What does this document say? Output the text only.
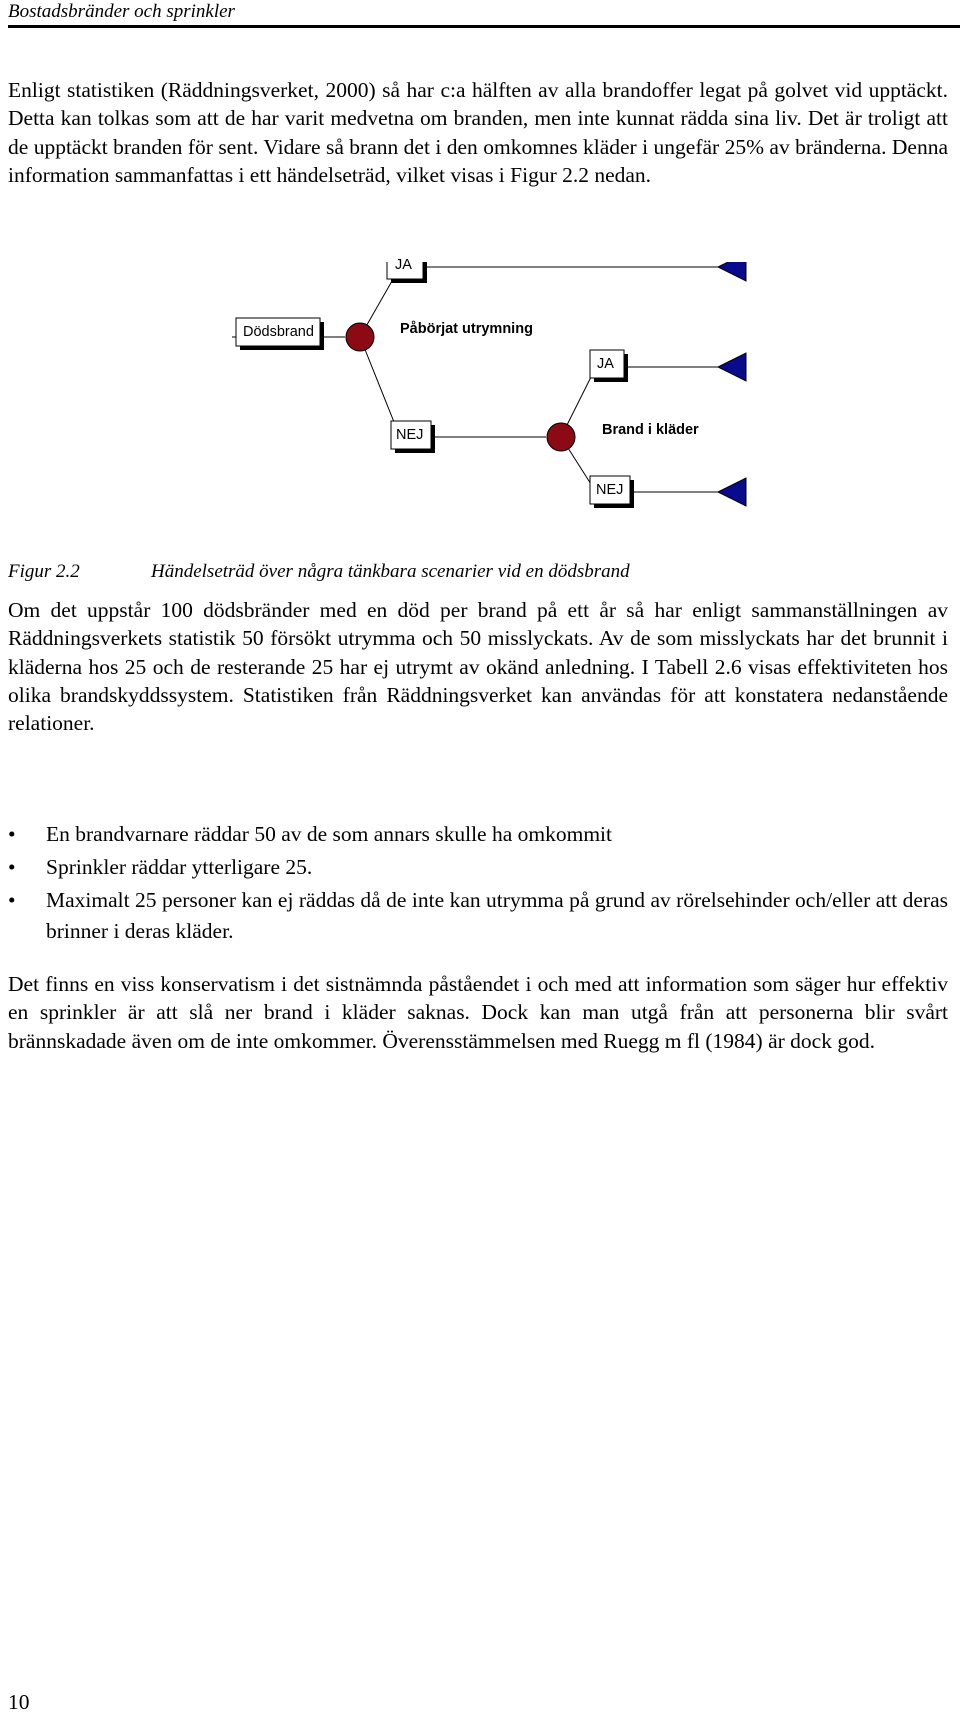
Bostadsbränder och sprinkler
Enligt statistiken (Räddningsverket, 2000) så har c:a hälften av alla brandoffer legat på golvet vid upptäckt. Detta kan tolkas som att de har varit medvetna om branden, men inte kunnat rädda sina liv. Det är troligt att de upptäckt branden för sent. Vidare så brann det i den omkomnes kläder i ungefär 25% av bränderna. Denna information sammanfattas i ett händelseträd, vilket visas i Figur 2.2 nedan.
Dödsbrand	Påbörjat utrymning
JA
NEJ	Brand i kläder
JA
NEJ
Figur 2.2	Händelseträd över några tänkbara scenarier vid en dödsbrand
Om det uppstår 100 dödsbränder med en död per brand på ett år så har enligt sammanställningen av Räddningsverkets statistik 50 försökt utrymma och 50 misslyckats. Av de som misslyckats har det brunnit i kläderna hos 25 och de resterande 25 har ej utrymt av okänd anledning. I Tabell 2.6 visas effektiviteten hos olika brandskyddssystem. Statistiken från Räddningsverket kan användas för att konstatera nedanstående relationer.
• En brandvarnare räddar 50 av de som annars skulle ha omkommit
• Sprinkler räddar ytterligare 25.
• Maximalt 25 personer kan ej räddas då de inte kan utrymma på grund av rörelsehinder och/eller att deras brinner i deras kläder.
Det finns en viss konservatism i det sistnämnda påståendet i och med att information som säger hur effektiv en sprinkler är att slå ner brand i kläder saknas. Dock kan man utgå från att personerna blir svårt brännskadade även om de inte omkommer. Överensstämmelsen med Ruegg m fl (1984) är dock god.
10
